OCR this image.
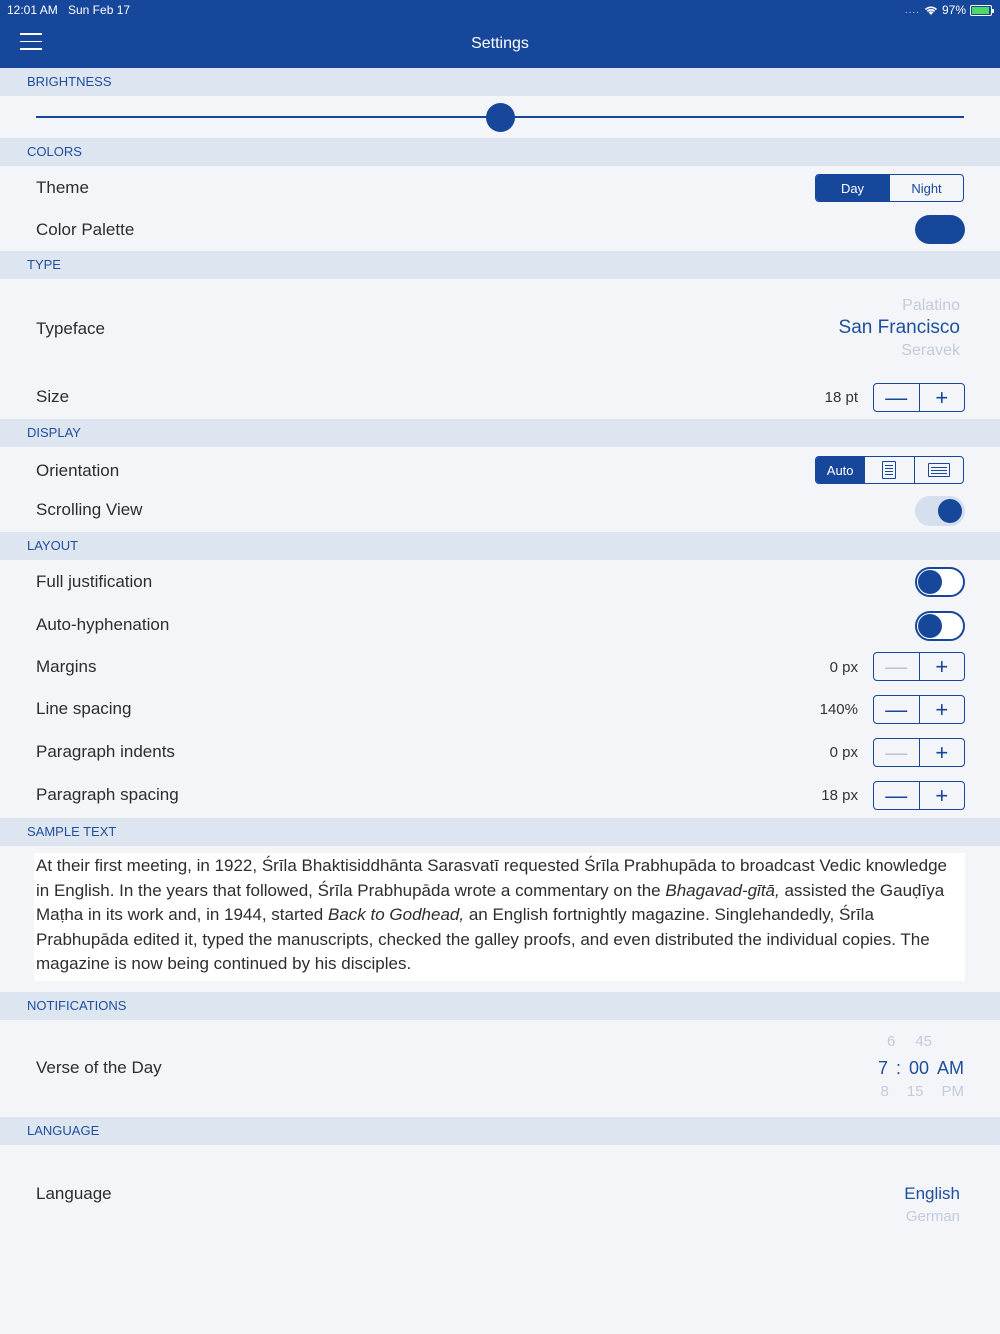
12:01 AM Sun Feb 17	.... 97%
Settings
BRIGHTNESS
COLORS
Theme	Day	Night
Color Palette
TYPE
Typeface
Palatino
San Francisco
Seravek
Size	18 pt	—	+
DISPLAY
Orientation	Auto
Scrolling View
LAYOUT
Full justification
Auto-hyphenation
Margins	0 px	—	+
Line spacing	140%	—	+
Paragraph indents	0 px	—	+
Paragraph spacing	18 px	—	+
SAMPLE TEXT
At their first meeting, in 1922, Śrīla Bhaktisiddhānta Sarasvatī requested Śrīla Prabhupāda to broadcast Vedic knowledge in English. In the years that followed, Śrīla Prabhupāda wrote a commentary on the Bhagavad-gītā, assisted the Gauḍīya Maṭha in its work and, in 1944, started Back to Godhead, an English fortnightly magazine. Singlehandedly, Śrīla Prabhupāda edited it, typed the manuscripts, checked the galley proofs, and even distributed the individual copies. The magazine is now being continued by his disciples.
NOTIFICATIONS
Verse of the Day
6 45
7 : 00 AM
8 15 PM
LANGUAGE
Language	English
German
